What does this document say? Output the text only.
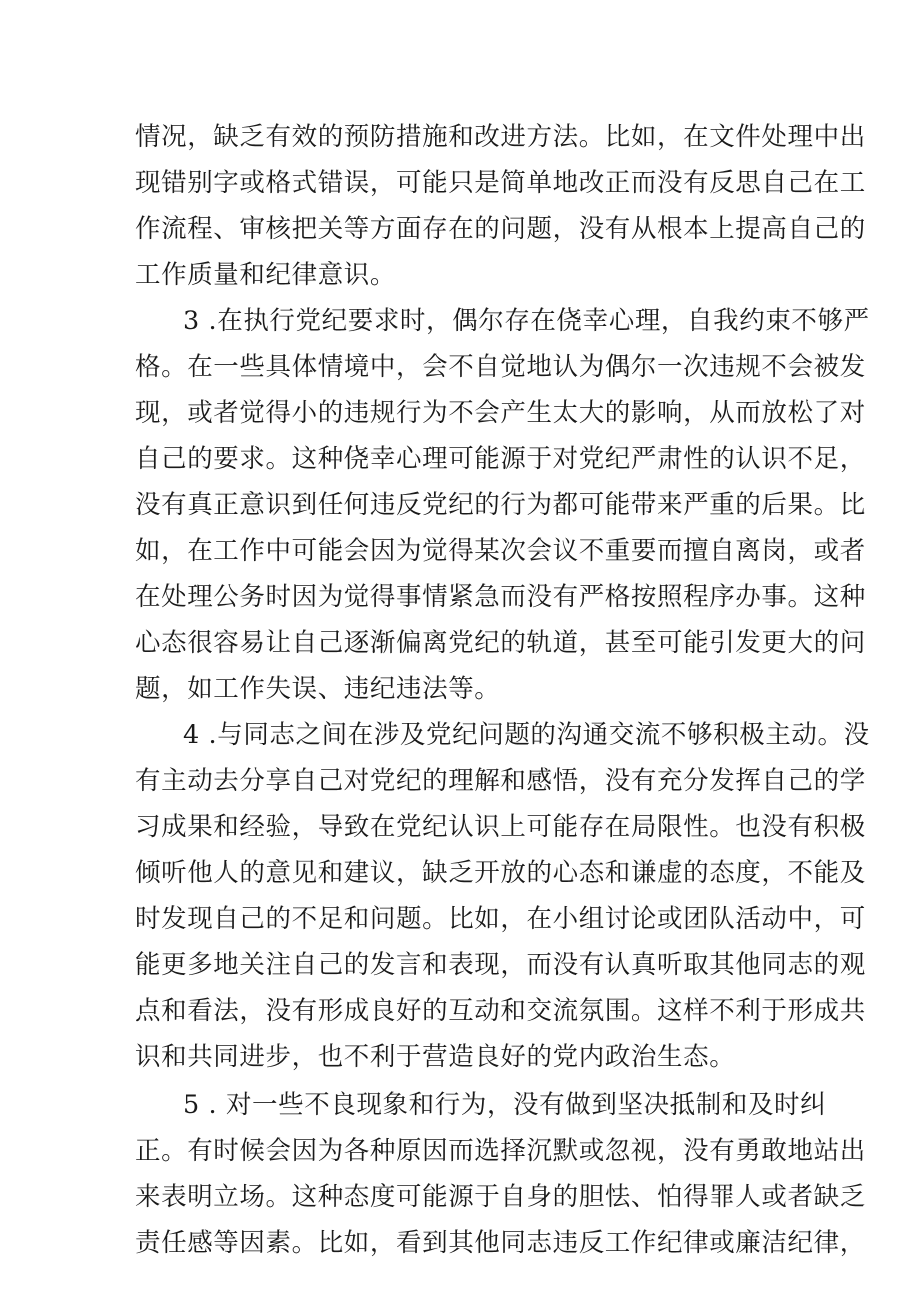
情况，缺乏有效的预防措施和改进方法。比如，在文件处理中出
现错别字或格式错误，可能只是简单地改正而没有反思自己在工
作流程、审核把关等方面存在的问题，没有从根本上提高自己的
工作质量和纪律意识。
3 .在执行党纪要求时，偶尔存在侥幸心理，自我约束不够严
格。在一些具体情境中，会不自觉地认为偶尔一次违规不会被发
现，或者觉得小的违规行为不会产生太大的影响，从而放松了对
自己的要求。这种侥幸心理可能源于对党纪严肃性的认识不足，
没有真正意识到任何违反党纪的行为都可能带来严重的后果。比
如，在工作中可能会因为觉得某次会议不重要而擅自离岗，或者
在处理公务时因为觉得事情紧急而没有严格按照程序办事。这种
心态很容易让自己逐渐偏离党纪的轨道，甚至可能引发更大的问
题，如工作失误、违纪违法等。
4 .与同志之间在涉及党纪问题的沟通交流不够积极主动。没
有主动去分享自己对党纪的理解和感悟，没有充分发挥自己的学
习成果和经验，导致在党纪认识上可能存在局限性。也没有积极
倾听他人的意见和建议，缺乏开放的心态和谦虚的态度，不能及
时发现自己的不足和问题。比如，在小组讨论或团队活动中，可
能更多地关注自己的发言和表现，而没有认真听取其他同志的观
点和看法，没有形成良好的互动和交流氛围。这样不利于形成共
识和共同进步，也不利于营造良好的党内政治生态。
5 . 对一些不良现象和行为，没有做到坚决抵制和及时纠
正。有时候会因为各种原因而选择沉默或忽视，没有勇敢地站出
来表明立场。这种态度可能源于自身的胆怯、怕得罪人或者缺乏
责任感等因素。比如，看到其他同志违反工作纪律或廉洁纪律，
